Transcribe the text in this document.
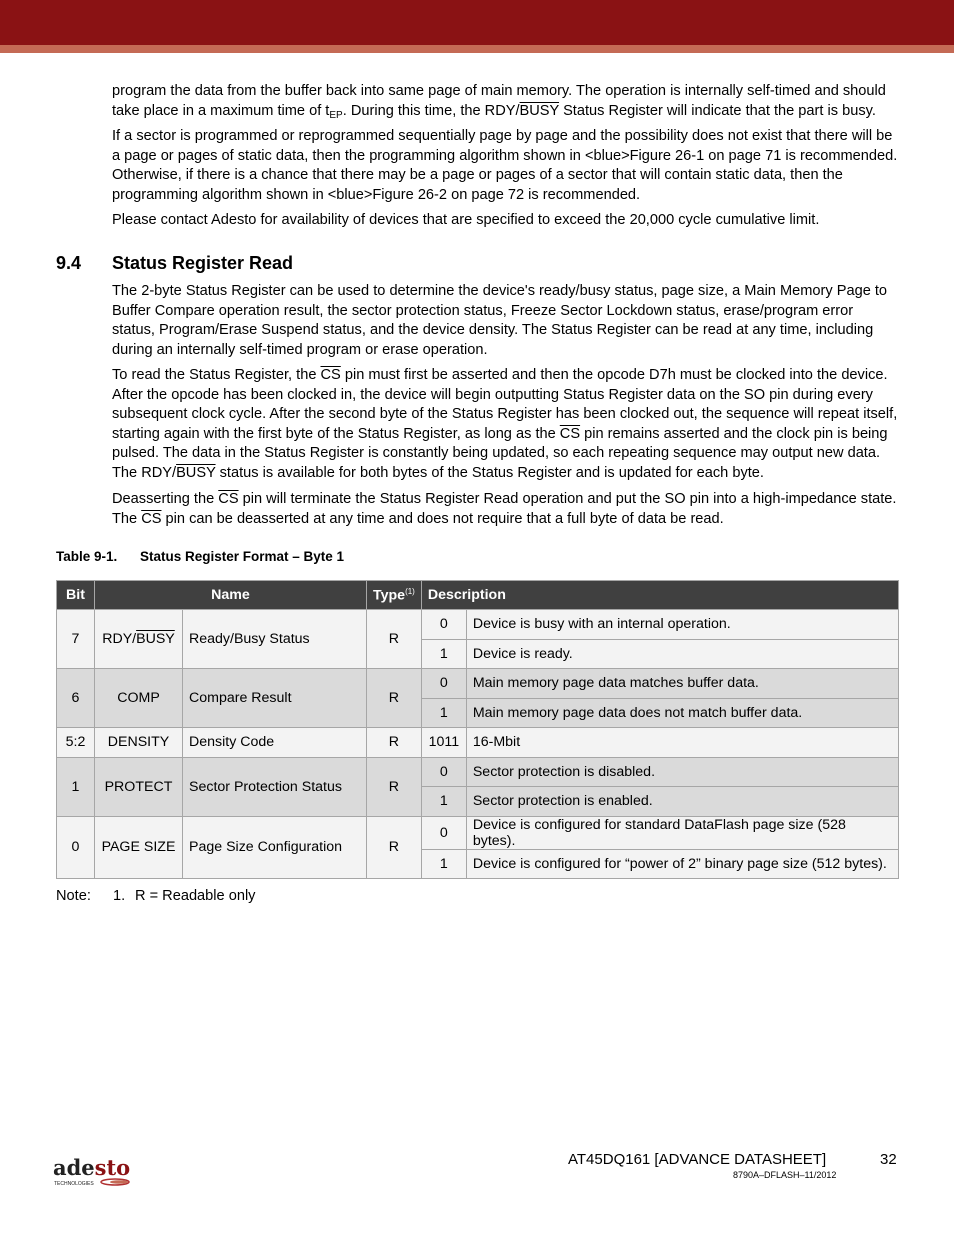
program the data from the buffer back into same page of main memory. The operation is internally self-timed and should take place in a maximum time of $t_{EP}$. During this time, the RDY/BUSY Status Register will indicate that the part is busy.

If a sector is programmed or reprogrammed sequentially page by page and the possibility does not exist that there will be a page or pages of static data, then the programming algorithm shown in <blue>Figure 26-1 on page 71 is recommended. Otherwise, if there is a chance that there may be a page or pages of a sector that will contain static data, then the programming algorithm shown in <blue>Figure 26-2 on page 72 is recommended.

Please contact Adesto for availability of devices that are specified to exceed the 20,000 cycle cumulative limit.

9.4 Status Register Read

The 2-byte Status Register can be used to determine the device's ready/busy status, page size, a Main Memory Page to Buffer Compare operation result, the sector protection status, Freeze Sector Lockdown status, erase/program error status, Program/Erase Suspend status, and the device density. The Status Register can be read at any time, including during an internally self-timed program or erase operation.

To read the Status Register, the $\overline{CS}$ pin must first be asserted and then the opcode D7h must be clocked into the device. After the opcode has been clocked in, the device will begin outputting Status Register data on the SO pin during every subsequent clock cycle. After the second byte of the Status Register has been clocked out, the sequence will repeat itself, starting again with the first byte of the Status Register, as long as the $\overline{CS}$ pin remains asserted and the clock pin is being pulsed. The data in the Status Register is constantly being updated, so each repeating sequence may output new data. The RDY/BUSY status is available for both bytes of the Status Register and is updated for each byte.

Deasserting the $\overline{CS}$ pin will terminate the Status Register Read operation and put the SO pin into a high-impedance state. The $\overline{CS}$ pin can be deasserted at any time and does not require that a full byte of data be read.

Table 9-1. Status Register Format – Byte 1
Bit	Name		Type$^{(1)}$	Description	
7	RDY/BUSY	Ready/Busy Status	R	0	Device is busy with an internal operation.
				1	Device is ready.
6	COMP	Compare Result	R	0	Main memory page data matches buffer data.
				1	Main memory page data does not match buffer data.
5:2	DENSITY	Density Code	R	1011	16-Mbit
1	PROTECT	Sector Protection Status	R	0	Sector protection is disabled.
				1	Sector protection is enabled.
0	PAGE SIZE	Page Size Configuration	R	0	Device is configured for standard DataFlash page size (528 bytes).
				1	Device is configured for “power of 2” binary page size (512 bytes).
Note: 1. R = Readable only
adesto
TECHNOLOGIES
AT45DQ161 [ADVANCE DATASHEET]	32
8790A–DFLASH–11/2012
